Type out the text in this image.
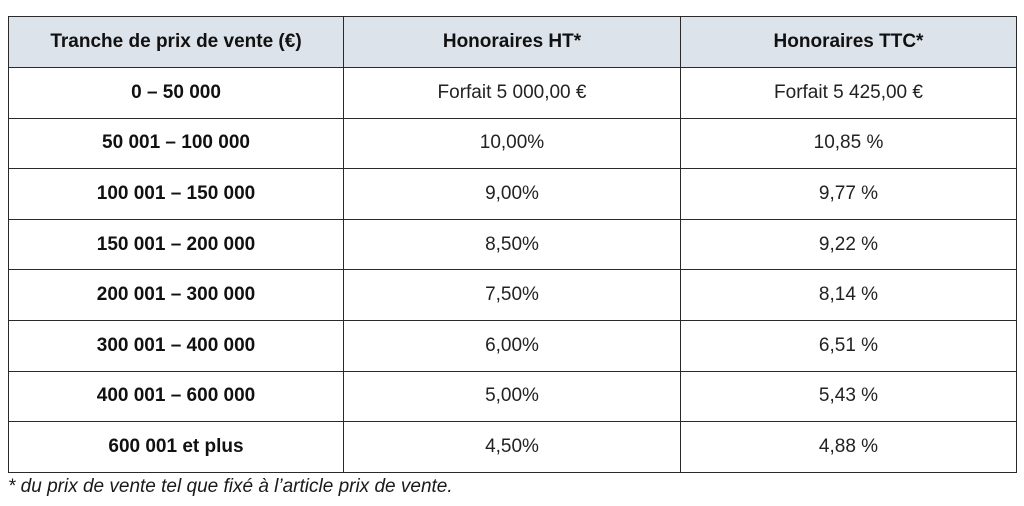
Tranche de prix de vente (€)	Honoraires HT*	Honoraires TTC*
0 – 50 000	Forfait 5 000,00 €	Forfait 5 425,00 €
50 001 – 100 000	10,00%	10,85 %
100 001 – 150 000	9,00%	9,77 %
150 001 – 200 000	8,50%	9,22 %
200 001 – 300 000	7,50%	8,14 %
300 001 – 400 000	6,00%	6,51 %
400 001 – 600 000	5,00%	5,43 %
600 001 et plus	4,50%	4,88 %
* du prix de vente tel que fixé à l’article prix de vente.
